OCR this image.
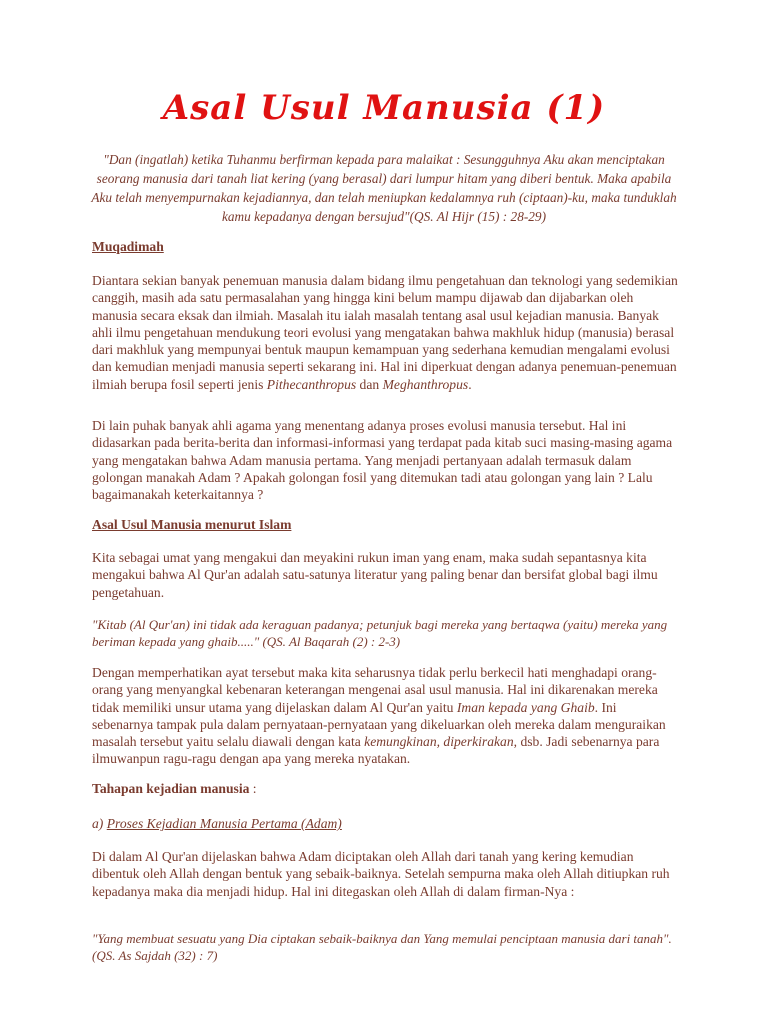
Asal Usul Manusia (1)
"Dan (ingatlah) ketika Tuhanmu berfirman kepada para malaikat : Sesungguhnya Aku akan menciptakan seorang manusia dari tanah liat kering (yang berasal) dari lumpur hitam yang diberi bentuk. Maka apabila Aku telah menyempurnakan kejadiannya, dan telah meniupkan kedalamnya ruh (ciptaan)-ku, maka tunduklah kamu kepadanya dengan bersujud"(QS. Al Hijr (15) : 28-29)
Muqadimah
Diantara sekian banyak penemuan manusia dalam bidang ilmu pengetahuan dan teknologi yang sedemikian canggih, masih ada satu permasalahan yang hingga kini belum mampu dijawab dan dijabarkan oleh manusia secara eksak dan ilmiah. Masalah itu ialah masalah tentang asal usul kejadian manusia. Banyak ahli ilmu pengetahuan mendukung teori evolusi yang mengatakan bahwa makhluk hidup (manusia) berasal dari makhluk yang mempunyai bentuk maupun kemampuan yang sederhana kemudian mengalami evolusi dan kemudian menjadi manusia seperti sekarang ini. Hal ini diperkuat dengan adanya penemuan-penemuan ilmiah berupa fosil seperti jenis Pithecanthropus dan Meghanthropus.
Di lain puhak banyak ahli agama yang menentang adanya proses evolusi manusia tersebut. Hal ini didasarkan pada berita-berita dan informasi-informasi yang terdapat pada kitab suci masing-masing agama yang mengatakan bahwa Adam manusia pertama. Yang menjadi pertanyaan adalah termasuk dalam golongan manakah Adam ? Apakah golongan fosil yang ditemukan tadi atau golongan yang lain ? Lalu bagaimanakah keterkaitannya ?
Asal Usul Manusia menurut Islam
Kita sebagai umat yang mengakui dan meyakini rukun iman yang enam, maka sudah sepantasnya kita mengakui bahwa Al Qur'an adalah satu-satunya literatur yang paling benar dan bersifat global bagi ilmu pengetahuan.
"Kitab (Al Qur'an) ini tidak ada keraguan padanya; petunjuk bagi mereka yang bertaqwa (yaitu) mereka yang beriman kepada yang ghaib....." (QS. Al Baqarah (2) : 2-3)
Dengan memperhatikan ayat tersebut maka kita seharusnya tidak perlu berkecil hati menghadapi orang-orang yang menyangkal kebenaran keterangan mengenai asal usul manusia. Hal ini dikarenakan mereka tidak memiliki unsur utama yang dijelaskan dalam Al Qur'an yaitu Iman kepada yang Ghaib. Ini sebenarnya tampak pula dalam pernyataan-pernyataan yang dikeluarkan oleh mereka dalam menguraikan masalah tersebut yaitu selalu diawali dengan kata kemungkinan, diperkirakan, dsb. Jadi sebenarnya para ilmuwanpun ragu-ragu dengan apa yang mereka nyatakan.
Tahapan kejadian manusia :
a) Proses Kejadian Manusia Pertama (Adam)
Di dalam Al Qur'an dijelaskan bahwa Adam diciptakan oleh Allah dari tanah yang kering kemudian dibentuk oleh Allah dengan bentuk yang sebaik-baiknya. Setelah sempurna maka oleh Allah ditiupkan ruh kepadanya maka dia menjadi hidup. Hal ini ditegaskan oleh Allah di dalam firman-Nya :
"Yang membuat sesuatu yang Dia ciptakan sebaik-baiknya dan Yang memulai penciptaan manusia dari tanah". (QS. As Sajdah (32) : 7)
